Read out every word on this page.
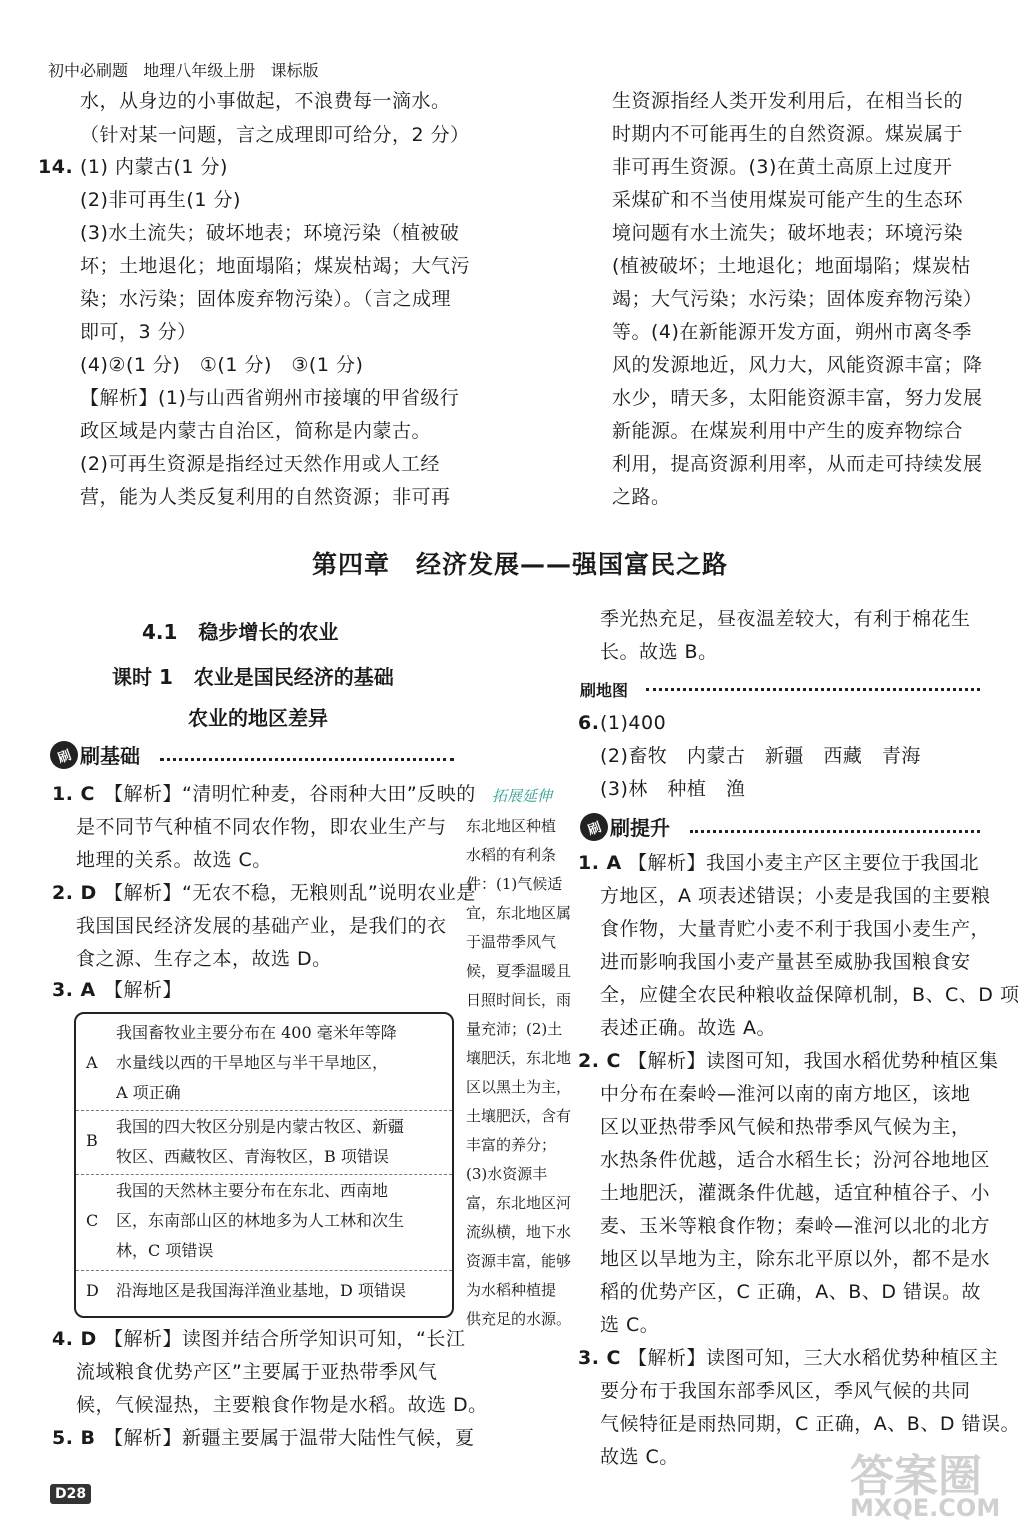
初中必刷题 地理八年级上册 课标版
水，从身边的小事做起，不浪费每一滴水。
（针对某一问题，言之成理即可给分，2 分）
14. (1) 内蒙古(1 分)
(2)非可再生(1 分)
(3)水土流失；破坏地表；环境污染（植被破
坏；土地退化；地面塌陷；煤炭枯竭；大气污
染；水污染；固体废弃物污染）。（言之成理
即可，3 分）
(4)②(1 分)　①(1 分)　③(1 分)
【解析】(1)与山西省朔州市接壤的甲省级行
政区域是内蒙古自治区，简称是内蒙古。
(2)可再生资源是指经过天然作用或人工经
营，能为人类反复利用的自然资源；非可再
生资源指经人类开发利用后，在相当长的
时期内不可能再生的自然资源。煤炭属于
非可再生资源。(3)在黄土高原上过度开
采煤矿和不当使用煤炭可能产生的生态环
境问题有水土流失；破坏地表；环境污染
(植被破坏；土地退化；地面塌陷；煤炭枯
竭；大气污染；水污染；固体废弃物污染）
等。(4)在新能源开发方面，朔州市离冬季
风的发源地近，风力大，风能资源丰富；降
水少，晴天多，太阳能资源丰富，努力发展
新能源。在煤炭利用中产生的废弃物综合
利用，提高资源利用率，从而走可持续发展
之路。
第四章　经济发展——强国富民之路
4.1 稳步增长的农业
课时 1 农业是国民经济的基础
农业的地区差异
刷 刷基础
1. C 【解析】“清明忙种麦，谷雨种大田”反映的
是不同节气种植不同农作物，即农业生产与
地理的关系。故选 C。
2. D 【解析】“无农不稳，无粮则乱”说明农业是
我国国民经济发展的基础产业，是我们的衣
食之源、生存之本，故选 D。
3. A 【解析】
A
我国畜牧业主要分布在 400 毫米年等降
水量线以西的干旱地区与半干旱地区，
A 项正确
B
我国的四大牧区分别是内蒙古牧区、新疆
牧区、西藏牧区、青海牧区，B 项错误
C
我国的天然林主要分布在东北、西南地
区，东南部山区的林地多为人工林和次生
林，C 项错误
D 沿海地区是我国海洋渔业基地，D 项错误
拓展延伸
东北地区种植
水稻的有利条
件：(1)气候适
宜，东北地区属
于温带季风气
候，夏季温暖且
日照时间长，雨
量充沛；(2)土
壤肥沃，东北地
区以黑土为主，
土壤肥沃，含有
丰富的养分；
(3)水资源丰
富，东北地区河
流纵横，地下水
资源丰富，能够
为水稻种植提
供充足的水源。
4. D 【解析】读图并结合所学知识可知，“长江
流域粮食优势产区”主要属于亚热带季风气
候，气候湿热，主要粮食作物是水稻。故选 D。
5. B 【解析】新疆主要属于温带大陆性气候，夏
季光热充足，昼夜温差较大，有利于棉花生
长。故选 B。
刷地图
6. (1)400
(2)畜牧　内蒙古　新疆　西藏　青海
(3)林　种植　渔
刷 刷提升
1. A 【解析】我国小麦主产区主要位于我国北
方地区，A 项表述错误；小麦是我国的主要粮
食作物，大量青贮小麦不利于我国小麦生产，
进而影响我国小麦产量甚至威胁我国粮食安
全，应健全农民种粮收益保障机制，B、C、D 项
表述正确。故选 A。
2. C 【解析】读图可知，我国水稻优势种植区集
中分布在秦岭—淮河以南的南方地区，该地
区以亚热带季风气候和热带季风气候为主，
水热条件优越，适合水稻生长；汾河谷地地区
土地肥沃，灌溉条件优越，适宜种植谷子、小
麦、玉米等粮食作物；秦岭—淮河以北的北方
地区以旱地为主，除东北平原以外，都不是水
稻的优势产区，C 正确，A、B、D 错误。故
选 C。
3. C 【解析】读图可知，三大水稻优势种植区主
要分布于我国东部季风区，季风气候的共同
气候特征是雨热同期，C 正确，A、B、D 错误。
故选 C。
D28	答案圈
MXQE.COM
